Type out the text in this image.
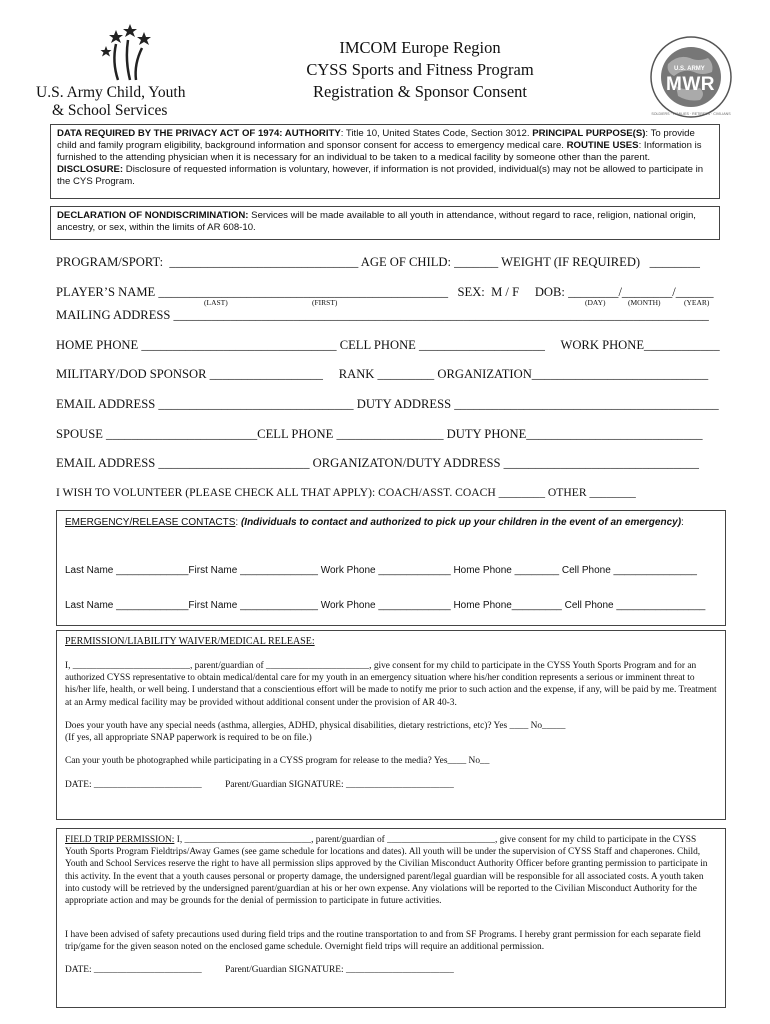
U.S. Army Child, Youth
& School Services
U.S. ARMY
MWR
SOLDIERS · FAMILIES · RETIREES · CIVILIANS
IMCOM Europe Region
CYSS Sports and Fitness Program
Registration & Sponsor Consent
DATA REQUIRED BY THE PRIVACY ACT OF 1974: AUTHORITY: Title 10, United States Code, Section 3012. PRINCIPAL PURPOSE(S): To provide child and family program eligibility, background information and sponsor consent for access to emergency medical care. ROUTINE USES: Information is furnished to the attending physician when it is necessary for an individual to be taken to a medical facility by someone other than the parent. DISCLOSURE: Disclosure of requested information is voluntary, however, if information is not provided, individual(s) may not be allowed to participate in the CYS Program.
DECLARATION OF NONDISCRIMINATION: Services will be made available to all youth in attendance, without regard to race, religion, national origin, ancestry, or sex, within the limits of AR 608-10.
PROGRAM/SPORT:  ______________________________ AGE OF CHILD: _______ WEIGHT (IF REQUIRED)   ________
PLAYER’S NAME ______________________________________________   SEX:  M / F     DOB: ________/________/______
(LAST)	(FIRST)	(DAY)	(MONTH)	(YEAR)
MAILING ADDRESS _____________________________________________________________________________________
HOME PHONE _______________________________ CELL PHONE ____________________     WORK PHONE____________
MILITARY/DOD SPONSOR __________________     RANK _________ ORGANIZATION____________________________
EMAIL ADDRESS _______________________________ DUTY ADDRESS __________________________________________
SPOUSE ________________________CELL PHONE _________________ DUTY PHONE____________________________
EMAIL ADDRESS ________________________ ORGANIZATON/DUTY ADDRESS _______________________________
I WISH TO VOLUNTEER (PLEASE CHECK ALL THAT APPLY): COACH/ASST. COACH ________ OTHER ________
EMERGENCY/RELEASE CONTACTS: (Individuals to contact and authorized to pick up your children in the event of an emergency):
Last Name _____________First Name ______________ Work Phone _____________ Home Phone ________ Cell Phone _______________
Last Name _____________First Name ______________ Work Phone _____________ Home Phone_________ Cell Phone ________________
PERMISSION/LIABILITY WAIVER/MEDICAL RELEASE:
I, _________________________, parent/guardian of ______________________, give consent for my child to participate in the CYSS Youth Sports Program and for an authorized CYSS representative to obtain medical/dental care for my youth in an emergency situation where his/her condition represents a serious or imminent threat to his/her life, health, or well being. I understand that a conscientious effort will be made to notify me prior to such action and the expense, if any, will be paid by me. Treatment at an Army medical facility may be provided without additional consent under the provision of AR 40-3.
Does your youth have any special needs (asthma, allergies, ADHD, physical disabilities, dietary restrictions, etc)? Yes ____ No_____
(If yes, all appropriate SNAP paperwork is required to be on file.)
Can your youth be photographed while participating in a CYSS program for release to the media? Yes____ No__
DATE: _______________________          Parent/Guardian SIGNATURE: _______________________
FIELD TRIP PERMISSION: I, ___________________________, parent/guardian of _______________________, give consent for my child to participate in the CYSS Youth Sports Program Fieldtrips/Away Games (see game schedule for locations and dates). All youth will be under the supervision of CYSS Staff and chaperones. Child, Youth and School Services reserve the right to have all permission slips approved by the Civilian Misconduct Authority Officer before granting permission to participate in this activity. In the event that a youth causes personal or property damage, the undersigned parent/legal guardian will be responsible for all associated costs. A youth taken into custody will be retrieved by the undersigned parent/guardian at his or her own expense. Any violations will be reported to the Civilian Misconduct Authority for the appropriate action and may be grounds for the denial of permission to participate in future activities.
I have been advised of safety precautions used during field trips and the routine transportation to and from SF Programs. I hereby grant permission for each separate field trip/game for the given season noted on the enclosed game schedule. Overnight field trips will require an additional permission.
DATE: _______________________          Parent/Guardian SIGNATURE: _______________________
